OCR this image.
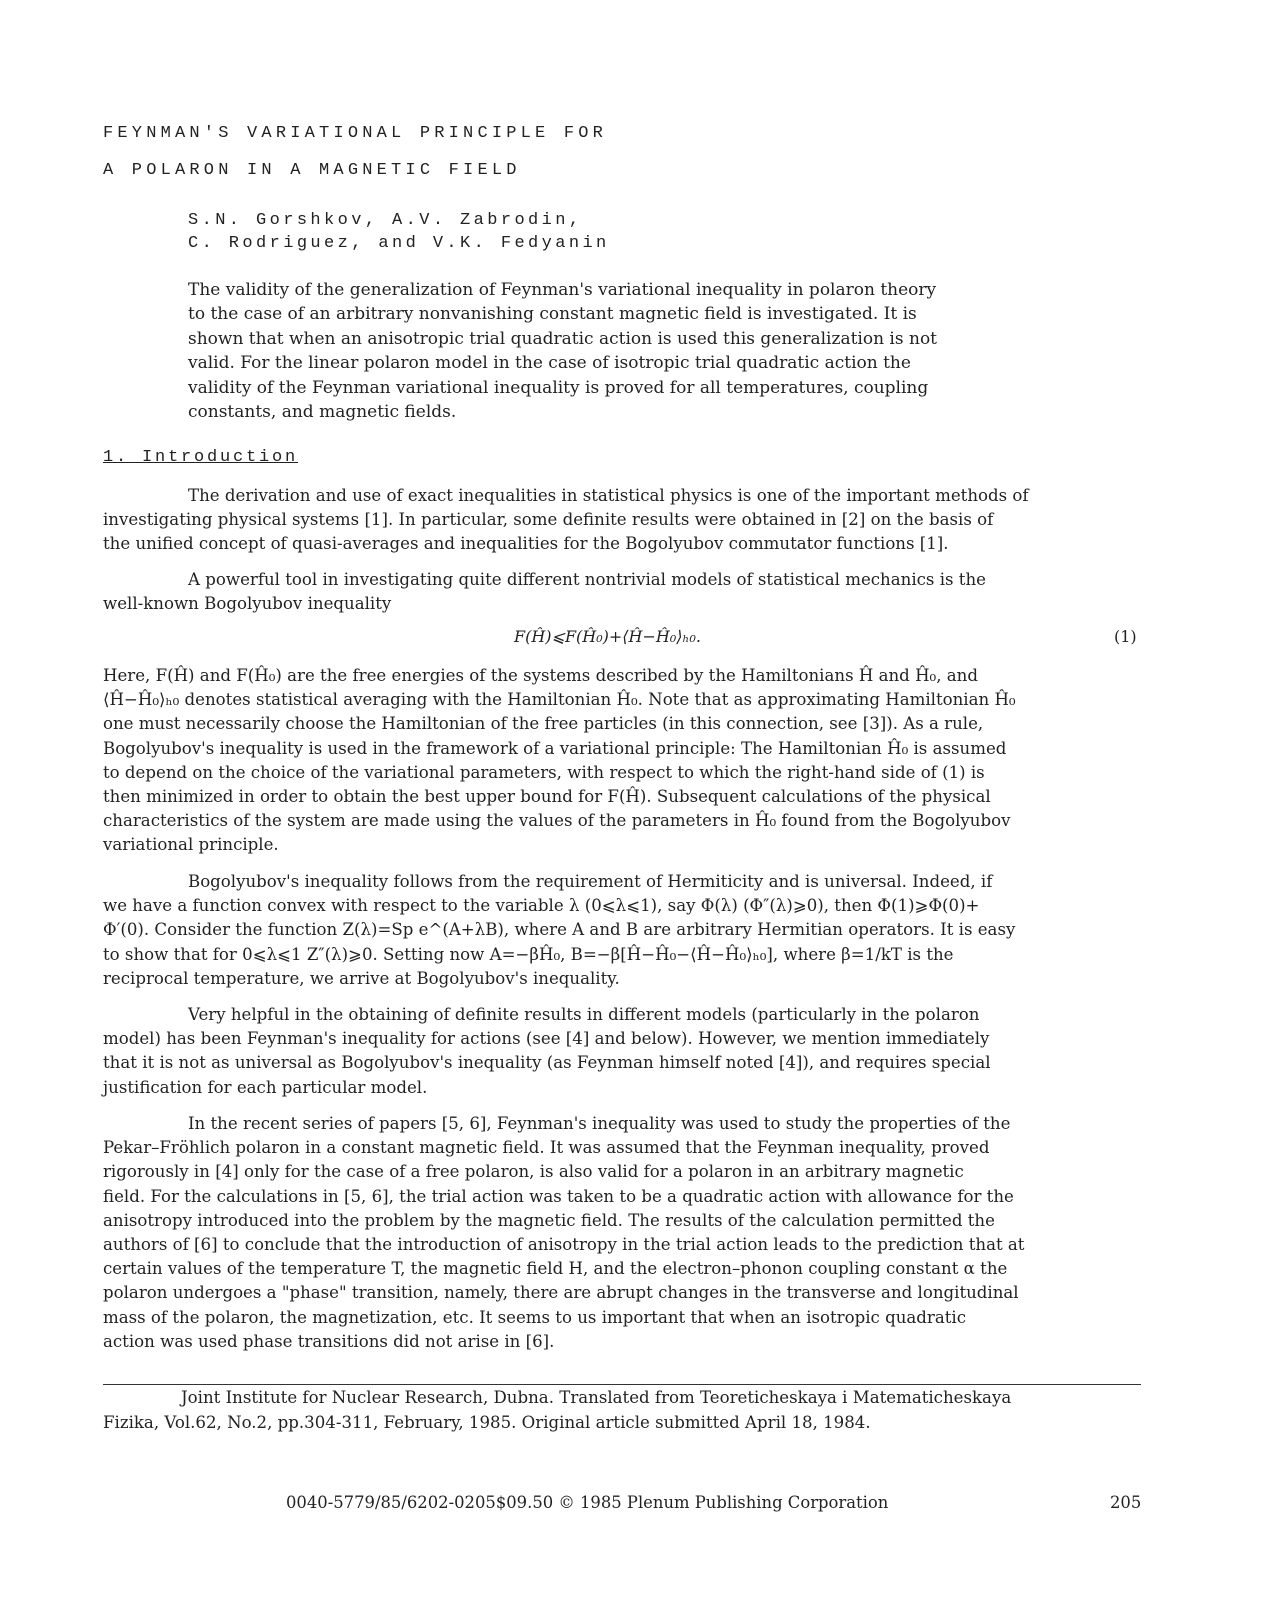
FEYNMAN'S VARIATIONAL PRINCIPLE FOR
A POLARON IN A MAGNETIC FIELD
S.N. Gorshkov, A.V. Zabrodin,
C. Rodriguez, and V.K. Fedyanin
The validity of the generalization of Feynman's variational inequality in polaron theory
to the case of an arbitrary nonvanishing constant magnetic field is investigated. It is
shown that when an anisotropic trial quadratic action is used this generalization is not
valid. For the linear polaron model in the case of isotropic trial quadratic action the
validity of the Feynman variational inequality is proved for all temperatures, coupling
constants, and magnetic fields.
1. Introduction
The derivation and use of exact inequalities in statistical physics is one of the important methods of
investigating physical systems [1]. In particular, some definite results were obtained in [2] on the basis of
the unified concept of quasi-averages and inequalities for the Bogolyubov commutator functions [1].
A powerful tool in investigating quite different nontrivial models of statistical mechanics is the
well-known Bogolyubov inequality
F(Ĥ)⩽F(Ĥ₀)+⟨Ĥ−Ĥ₀⟩ₕ₀.	(1)
Here, F(Ĥ) and F(Ĥ₀) are the free energies of the systems described by the Hamiltonians Ĥ and Ĥ₀, and
⟨Ĥ−Ĥ₀⟩ₕ₀ denotes statistical averaging with the Hamiltonian Ĥ₀. Note that as approximating Hamiltonian Ĥ₀
one must necessarily choose the Hamiltonian of the free particles (in this connection, see [3]). As a rule,
Bogolyubov's inequality is used in the framework of a variational principle: The Hamiltonian Ĥ₀ is assumed
to depend on the choice of the variational parameters, with respect to which the right-hand side of (1) is
then minimized in order to obtain the best upper bound for F(Ĥ). Subsequent calculations of the physical
characteristics of the system are made using the values of the parameters in Ĥ₀ found from the Bogolyubov
variational principle.
Bogolyubov's inequality follows from the requirement of Hermiticity and is universal. Indeed, if
we have a function convex with respect to the variable λ (0⩽λ⩽1), say Φ(λ) (Φ″(λ)⩾0), then Φ(1)⩾Φ(0)+
Φ′(0). Consider the function Z(λ)=Sp e^(A+λB), where A and B are arbitrary Hermitian operators. It is easy
to show that for 0⩽λ⩽1 Z″(λ)⩾0. Setting now A=−βĤ₀, B=−β[Ĥ−Ĥ₀−⟨Ĥ−Ĥ₀⟩ₕ₀], where β=1/kT is the
reciprocal temperature, we arrive at Bogolyubov's inequality.
Very helpful in the obtaining of definite results in different models (particularly in the polaron
model) has been Feynman's inequality for actions (see [4] and below). However, we mention immediately
that it is not as universal as Bogolyubov's inequality (as Feynman himself noted [4]), and requires special
justification for each particular model.
In the recent series of papers [5, 6], Feynman's inequality was used to study the properties of the
Pekar–Fröhlich polaron in a constant magnetic field. It was assumed that the Feynman inequality, proved
rigorously in [4] only for the case of a free polaron, is also valid for a polaron in an arbitrary magnetic
field. For the calculations in [5, 6], the trial action was taken to be a quadratic action with allowance for the
anisotropy introduced into the problem by the magnetic field. The results of the calculation permitted the
authors of [6] to conclude that the introduction of anisotropy in the trial action leads to the prediction that at
certain values of the temperature T, the magnetic field H, and the electron–phonon coupling constant α the
polaron undergoes a "phase" transition, namely, there are abrupt changes in the transverse and longitudinal
mass of the polaron, the magnetization, etc. It seems to us important that when an isotropic quadratic
action was used phase transitions did not arise in [6].
Joint Institute for Nuclear Research, Dubna. Translated from Teoreticheskaya i Matematicheskaya
Fizika, Vol.62, No.2, pp.304-311, February, 1985. Original article submitted April 18, 1984.
0040-5779/85/6202-0205$09.50 © 1985 Plenum Publishing Corporation	205
